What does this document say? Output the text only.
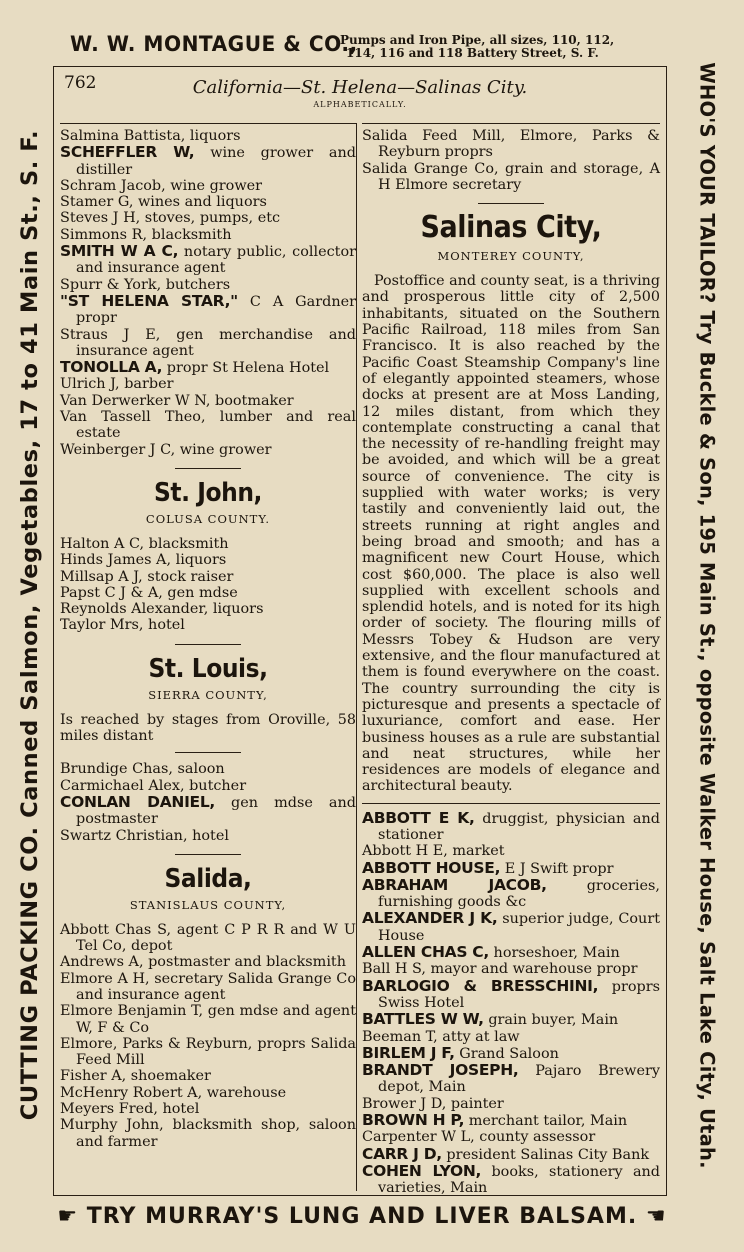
W. W. MONTAGUE & CO.,
Pumps and Iron Pipe, all sizes, 110, 112,
114, 116 and 118 Battery Street, S. F.
CUTTING PACKING CO. Canned Salmon, Vegetables, 17 to 41 Main St., S. F.	WHO'S YOUR TAILOR? Try Buckle & Son, 195 Main St., opposite Walker House, Salt Lake City, Utah.
762	California—St. Helena—Salinas City.
ALPHABETICALLY.

Salmina Battista, liquors

SCHEFFLER W, wine grower and distiller

Schram Jacob, wine grower

Stamer G, wines and liquors

Steves J H, stoves, pumps, etc

Simmons R, blacksmith

SMITH W A C, notary public, collector and insurance agent

Spurr & York, butchers

"ST HELENA STAR," C A Gardner propr

Straus J E, gen merchandise and insurance agent

TONOLLA A, propr St Helena Hotel

Ulrich J, barber

Van Derwerker W N, bootmaker

Van Tassell Theo, lumber and real estate

Weinberger J C, wine grower

St. John,
COLUSA COUNTY.

Halton A C, blacksmith

Hinds James A, liquors

Millsap A J, stock raiser

Papst C J & A, gen mdse

Reynolds Alexander, liquors

Taylor Mrs, hotel

St. Louis,
SIERRA COUNTY,

Is reached by stages from Oroville, 58 miles distant

Brundige Chas, saloon

Carmichael Alex, butcher

CONLAN DANIEL, gen mdse and postmaster

Swartz Christian, hotel

Salida,
STANISLAUS COUNTY,

Abbott Chas S, agent C P R R and W U Tel Co, depot

Andrews A, postmaster and blacksmith

Elmore A H, secretary Salida Grange Co and insurance agent

Elmore Benjamin T, gen mdse and agent W, F & Co

Elmore, Parks & Reyburn, proprs Salida Feed Mill

Fisher A, shoemaker

McHenry Robert A, warehouse

Meyers Fred, hotel

Murphy John, blacksmith shop, saloon and farmer

Salida Feed Mill, Elmore, Parks & Reyburn proprs

Salida Grange Co, grain and storage, A H Elmore secretary

Salinas City,
MONTEREY COUNTY,

Postoffice and county seat, is a thriving and prosperous little city of 2,500 inhabitants, situated on the Southern Pacific Railroad, 118 miles from San Francisco. It is also reached by the Pacific Coast Steamship Company's line of elegantly appointed steamers, whose docks at present are at Moss Landing, 12 miles distant, from which they contemplate constructing a canal that the necessity of re-handling freight may be avoided, and which will be a great source of convenience. The city is supplied with water works; is very tastily and conveniently laid out, the streets running at right angles and being broad and smooth; and has a magnificent new Court House, which cost $60,000. The place is also well supplied with excellent schools and splendid hotels, and is noted for its high order of society. The flouring mills of Messrs Tobey & Hudson are very extensive, and the flour manufactured at them is found everywhere on the coast. The country surrounding the city is picturesque and presents a spectacle of luxuriance, comfort and ease. Her business houses as a rule are substantial and neat structures, while her residences are models of elegance and architectural beauty.

ABBOTT E K, druggist, physician and stationer

Abbott H E, market

ABBOTT HOUSE, E J Swift propr

ABRAHAM JACOB, groceries, furnishing goods &c

ALEXANDER J K, superior judge, Court House

ALLEN CHAS C, horseshoer, Main

Ball H S, mayor and warehouse propr

BARLOGIO & BRESSCHINI, proprs Swiss Hotel

BATTLES W W, grain buyer, Main

Beeman T, atty at law

BIRLEM J F, Grand Saloon

BRANDT JOSEPH, Pajaro Brewery depot, Main

Brower J D, painter

BROWN H P, merchant tailor, Main

Carpenter W L, county assessor

CARR J D, president Salinas City Bank

COHEN LYON, books, stationery and varieties, Main

☛ TRY MURRAY'S LUNG AND LIVER BALSAM. ☚
